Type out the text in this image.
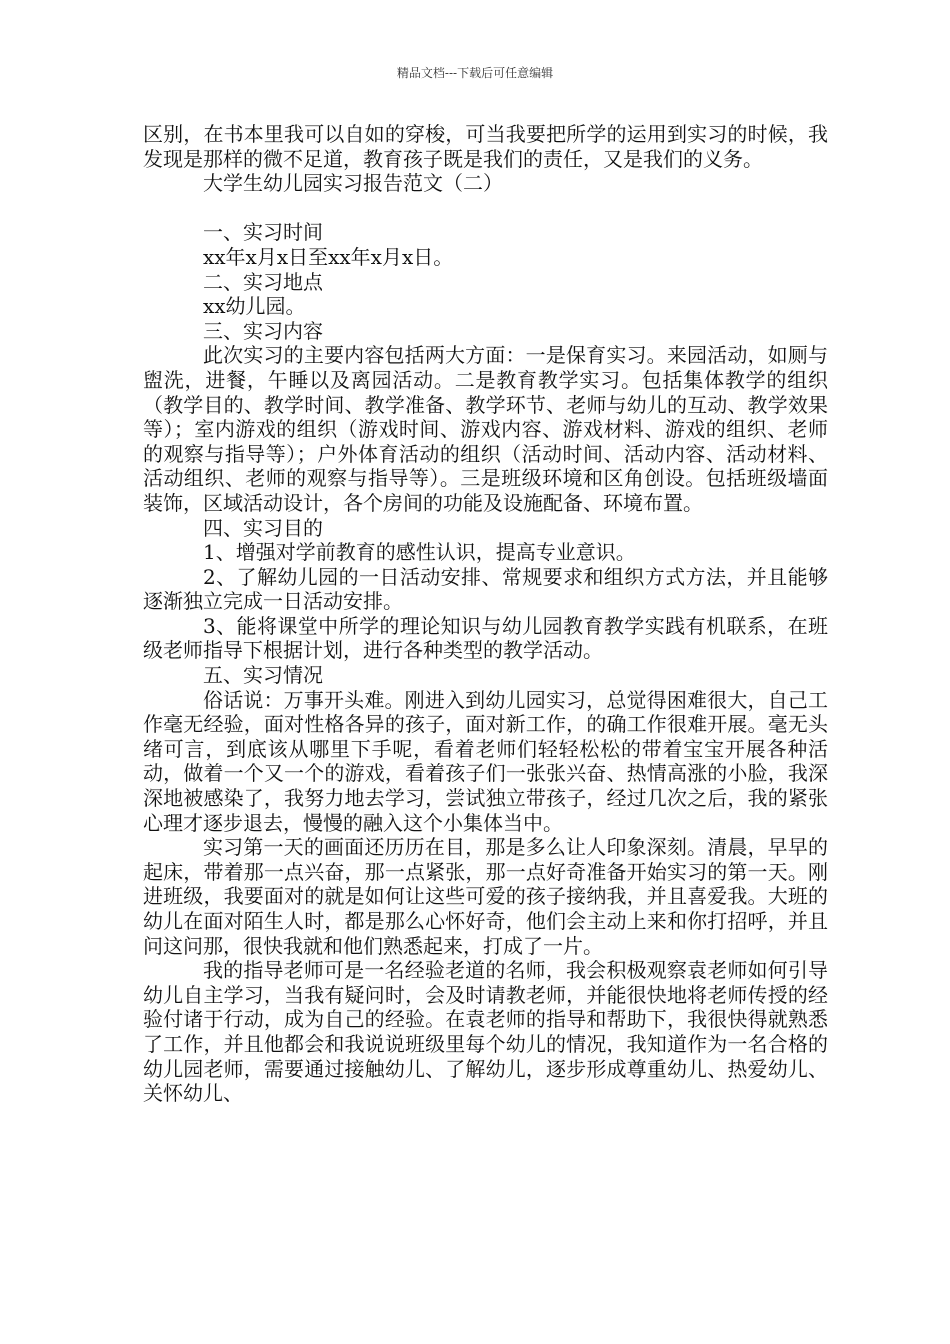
精品文档---下载后可任意编辑

区别，在书本里我可以自如的穿梭，可当我要把所学的运用到实习的时候，我发现是那样的微不足道，教育孩子既是我们的责任，又是我们的义务。

大学生幼儿园实习报告范文（二）

一、实习时间

xx年x月x日至xx年x月x日。

二、实习地点

xx幼儿园。

三、实习内容

此次实习的主要内容包括两大方面：一是保育实习。来园活动，如厕与盥洗，进餐，午睡以及离园活动。二是教育教学实习。包括集体教学的组织（教学目的、教学时间、教学准备、教学环节、老师与幼儿的互动、教学效果等）；室内游戏的组织（游戏时间、游戏内容、游戏材料、游戏的组织、老师的观察与指导等）；户外体育活动的组织（活动时间、活动内容、活动材料、活动组织、老师的观察与指导等）。三是班级环境和区角创设。包括班级墙面装饰，区域活动设计，各个房间的功能及设施配备、环境布置。

四、实习目的

1、增强对学前教育的感性认识，提高专业意识。

2、了解幼儿园的一日活动安排、常规要求和组织方式方法，并且能够逐渐独立完成一日活动安排。

3、能将课堂中所学的理论知识与幼儿园教育教学实践有机联系，在班级老师指导下根据计划，进行各种类型的教学活动。

五、实习情况

俗话说：万事开头难。刚进入到幼儿园实习，总觉得困难很大，自己工作毫无经验，面对性格各异的孩子，面对新工作，的确工作很难开展。毫无头绪可言，到底该从哪里下手呢，看着老师们轻轻松松的带着宝宝开展各种活动，做着一个又一个的游戏，看着孩子们一张张兴奋、热情高涨的小脸，我深深地被感染了，我努力地去学习，尝试独立带孩子，经过几次之后，我的紧张心理才逐步退去，慢慢的融入这个小集体当中。

实习第一天的画面还历历在目，那是多么让人印象深刻。清晨，早早的起床，带着那一点兴奋，那一点紧张，那一点好奇准备开始实习的第一天。刚进班级，我要面对的就是如何让这些可爱的孩子接纳我，并且喜爱我。大班的幼儿在面对陌生人时，都是那么心怀好奇，他们会主动上来和你打招呼，并且问这问那，很快我就和他们熟悉起来，打成了一片。

我的指导老师可是一名经验老道的名师，我会积极观察袁老师如何引导幼儿自主学习，当我有疑问时，会及时请教老师，并能很快地将老师传授的经验付诸于行动，成为自己的经验。在袁老师的指导和帮助下，我很快得就熟悉了工作，并且他都会和我说说班级里每个幼儿的情况，我知道作为一名合格的幼儿园老师，需要通过接触幼儿、了解幼儿，逐步形成尊重幼儿、热爱幼儿、关怀幼儿、
